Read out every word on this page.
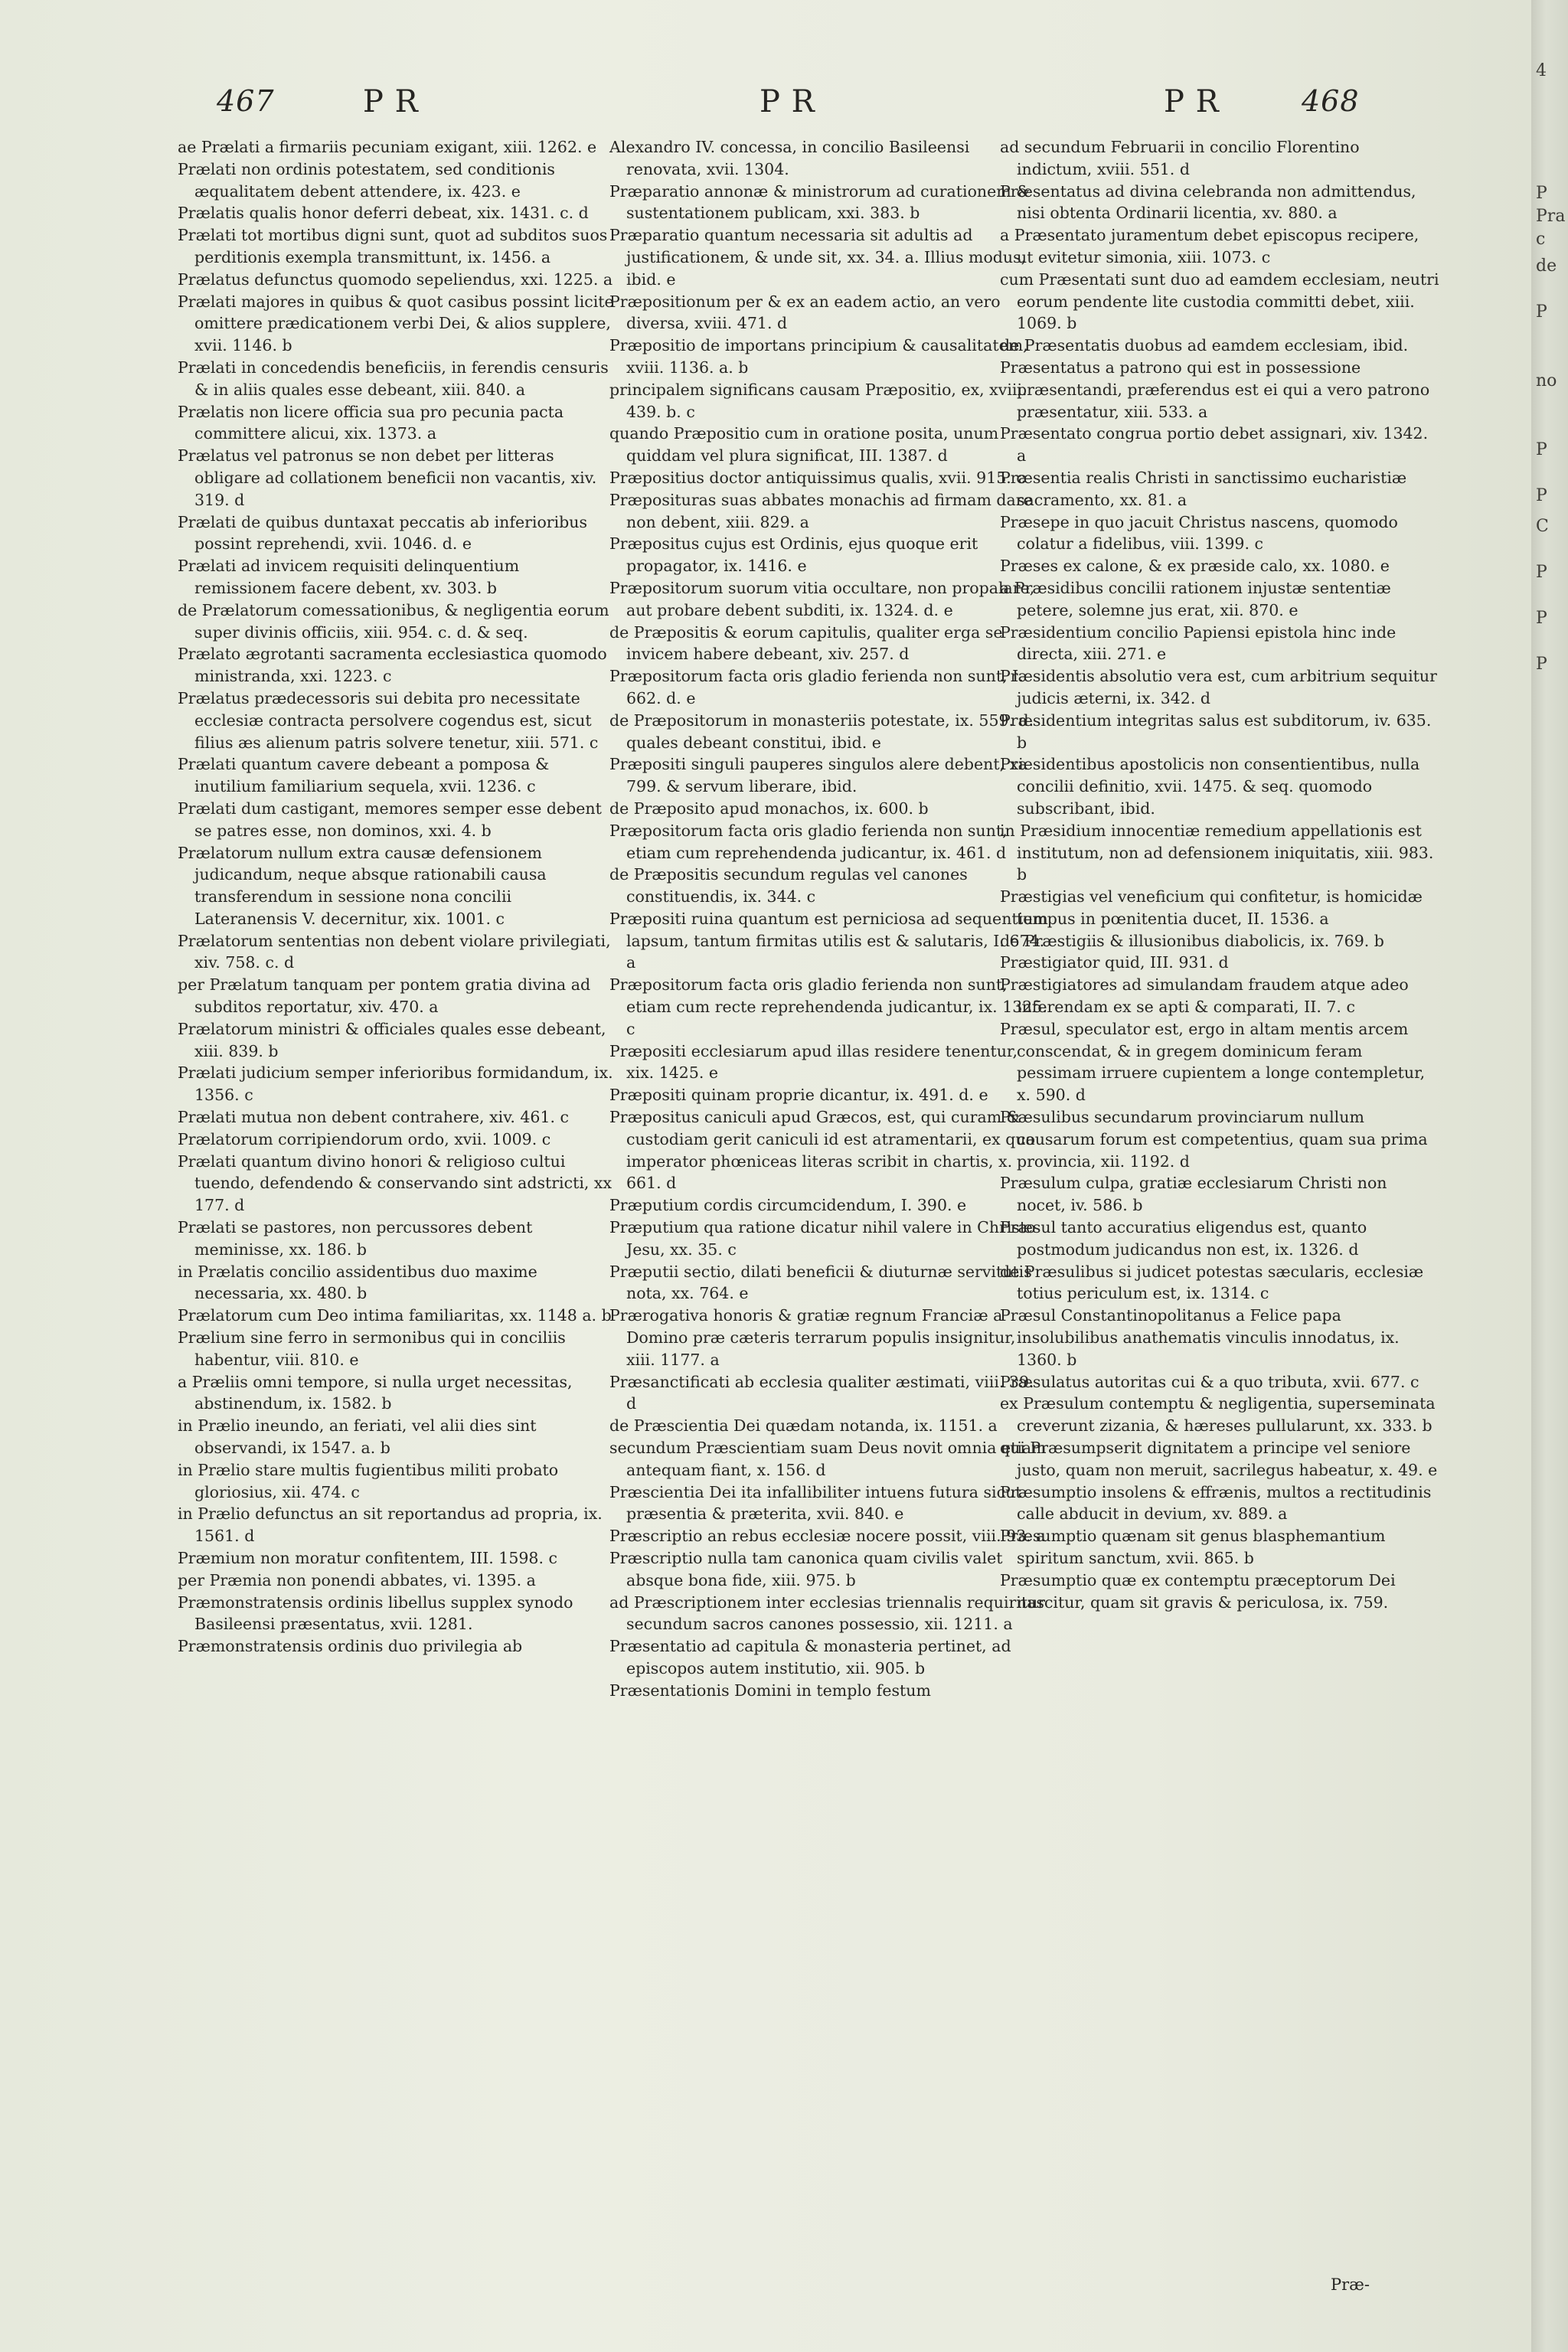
467	P R	P R	P R	468

ae Prælati a firmariis pecuniam exigant, xiii. 1262. e

Prælati non ordinis potestatem, sed conditionis æqualitatem debent attendere, ix. 423. e

Prælatis qualis honor deferri debeat, xix. 1431. c. d

Prælati tot mortibus digni sunt, quot ad subditos suos perditionis exempla transmittunt, ix. 1456. a

Prælatus defunctus quomodo sepeliendus, xxi. 1225. a

Prælati majores in quibus & quot casibus possint licite omittere prædicationem verbi Dei, & alios supplere, xvii. 1146. b

Prælati in concedendis beneficiis, in ferendis censuris & in aliis quales esse debeant, xiii. 840. a

Prælatis non licere officia sua pro pecunia pacta committere alicui, xix. 1373. a

Prælatus vel patronus se non debet per litteras obligare ad collationem beneficii non vacantis, xiv. 319. d

Prælati de quibus duntaxat peccatis ab inferioribus possint reprehendi, xvii. 1046. d. e

Prælati ad invicem requisiti delinquentium remissionem facere debent, xv. 303. b

de Prælatorum comessationibus, & negligentia eorum super divinis officiis, xiii. 954. c. d. & seq.

Prælato ægrotanti sacramenta ecclesiastica quomodo ministranda, xxi. 1223. c

Prælatus prædecessoris sui debita pro necessitate ecclesiæ contracta persolvere cogendus est, sicut filius æs alienum patris solvere tenetur, xiii. 571. c

Prælati quantum cavere debeant a pomposa & inutilium familiarium sequela, xvii. 1236. c

Prælati dum castigant, memores semper esse debent se patres esse, non dominos, xxi. 4. b

Prælatorum nullum extra causæ defensionem judicandum, neque absque rationabili causa transferendum in sessione nona concilii Lateranensis V. decernitur, xix. 1001. c

Prælatorum sententias non debent violare privilegiati, xiv. 758. c. d

per Prælatum tanquam per pontem gratia divina ad subditos reportatur, xiv. 470. a

Prælatorum ministri & officiales quales esse debeant, xiii. 839. b

Prælati judicium semper inferioribus formidandum, ix. 1356. c

Prælati mutua non debent contrahere, xiv. 461. c

Prælatorum corripiendorum ordo, xvii. 1009. c

Prælati quantum divino honori & religioso cultui tuendo, defendendo & conservando sint adstricti, xx 177. d

Prælati se pastores, non percussores debent meminisse, xx. 186. b

in Prælatis concilio assidentibus duo maxime necessaria, xx. 480. b

Prælatorum cum Deo intima familiaritas, xx. 1148 a. b

Prælium sine ferro in sermonibus qui in conciliis habentur, viii. 810. e

a Præliis omni tempore, si nulla urget necessitas, abstinendum, ix. 1582. b

in Prælio ineundo, an feriati, vel alii dies sint observandi, ix 1547. a. b

in Prælio stare multis fugientibus militi probato gloriosius, xii. 474. c

in Prælio defunctus an sit reportandus ad propria, ix. 1561. d

Præmium non moratur confitentem, III. 1598. c

per Præmia non ponendi abbates, vi. 1395. a

Præmonstratensis ordinis libellus supplex synodo Basileensi præsentatus, xvii. 1281.

Præmonstratensis ordinis duo privilegia ab

Alexandro IV. concessa, in concilio Basileensi renovata, xvii. 1304.

Præparatio annonæ & ministrorum ad curationem & sustentationem publicam, xxi. 383. b

Præparatio quantum necessaria sit adultis ad justificationem, & unde sit, xx. 34. a. Illius modus, ibid. e

Præpositionum per & ex an eadem actio, an vero diversa, xviii. 471. d

Præpositio de importans principium & causalitatem, xviii. 1136. a. b

principalem significans causam Præpositio, ex, xviii. 439. b. c

quando Præpositio cum in oratione posita, unum quiddam vel plura significat, III. 1387. d

Præpositius doctor antiquissimus qualis, xvii. 915. c

Præposituras suas abbates monachis ad firmam dare non debent, xiii. 829. a

Præpositus cujus est Ordinis, ejus quoque erit propagator, ix. 1416. e

Præpositorum suorum vitia occultare, non propalare, aut probare debent subditi, ix. 1324. d. e

de Præpositis & eorum capitulis, qualiter erga se invicem habere debeant, xiv. 257. d

Præpositorum facta oris gladio ferienda non sunt, I. 662. d. e

de Præpositorum in monasteriis potestate, ix. 559. d. quales debeant constitui, ibid. e

Præpositi singuli pauperes singulos alere debent, xi. 799. & servum liberare, ibid.

de Præposito apud monachos, ix. 600. b

Præpositorum facta oris gladio ferienda non sunt, etiam cum reprehendenda judicantur, ix. 461. d

de Præpositis secundum regulas vel canones constituendis, ix. 344. c

Præpositi ruina quantum est perniciosa ad sequentium lapsum, tantum firmitas utilis est & salutaris, I. 674. a

Præpositorum facta oris gladio ferienda non sunt, etiam cum recte reprehendenda judicantur, ix. 1325. c

Præpositi ecclesiarum apud illas residere tenentur, xix. 1425. e

Præpositi quinam proprie dicantur, ix. 491. d. e

Præpositus caniculi apud Græcos, est, qui curam & custodiam gerit caniculi id est atramentarii, ex quo imperator phœniceas literas scribit in chartis, x. 661. d

Præputium cordis circumcidendum, I. 390. e

Præputium qua ratione dicatur nihil valere in Christo Jesu, xx. 35. c

Præputii sectio, dilati beneficii & diuturnæ servitutis nota, xx. 764. e

Prærogativa honoris & gratiæ regnum Franciæ a Domino præ cæteris terrarum populis insignitur, xiii. 1177. a

Præsanctificati ab ecclesia qualiter æstimati, viii. 39. d

de Præscientia Dei quædam notanda, ix. 1151. a

secundum Præscientiam suam Deus novit omnia etiam antequam fiant, x. 156. d

Præscientia Dei ita infallibiliter intuens futura sicut præsentia & præterita, xvii. 840. e

Præscriptio an rebus ecclesiæ nocere possit, viii. 93. a

Præscriptio nulla tam canonica quam civilis valet absque bona fide, xiii. 975. b

ad Præscriptionem inter ecclesias triennalis requiritur secundum sacros canones possessio, xii. 1211. a

Præsentatio ad capitula & monasteria pertinet, ad episcopos autem institutio, xii. 905. b

Præsentationis Domini in templo festum

ad secundum Februarii in concilio Florentino indictum, xviii. 551. d

Præsentatus ad divina celebranda non admittendus, nisi obtenta Ordinarii licentia, xv. 880. a

a Præsentato juramentum debet episcopus recipere, ut evitetur simonia, xiii. 1073. c

cum Præsentati sunt duo ad eamdem ecclesiam, neutri eorum pendente lite custodia committi debet, xiii. 1069. b

de Præsentatis duobus ad eamdem ecclesiam, ibid.

Præsentatus a patrono qui est in possessione præsentandi, præferendus est ei qui a vero patrono præsentatur, xiii. 533. a

Præsentato congrua portio debet assignari, xiv. 1342. a

Præsentia realis Christi in sanctissimo eucharistiæ sacramento, xx. 81. a

Præsepe in quo jacuit Christus nascens, quomodo colatur a fidelibus, viii. 1399. c

Præses ex calone, & ex præside calo, xx. 1080. e

a Præsidibus concilii rationem injustæ sententiæ petere, solemne jus erat, xii. 870. e

Præsidentium concilio Papiensi epistola hinc inde directa, xiii. 271. e

Præsidentis absolutio vera est, cum arbitrium sequitur judicis æterni, ix. 342. d

Præsidentium integritas salus est subditorum, iv. 635. b

Præsidentibus apostolicis non consentientibus, nulla concilii definitio, xvii. 1475. & seq. quomodo subscribant, ibid.

in Præsidium innocentiæ remedium appellationis est institutum, non ad defensionem iniquitatis, xiii. 983. b

Præstigias vel veneficium qui confitetur, is homicidæ tempus in pœnitentia ducet, II. 1536. a

de Præstigiis & illusionibus diabolicis, ix. 769. b

Præstigiator quid, III. 931. d

Præstigiatores ad simulandam fraudem atque adeo inferendam ex se apti & comparati, II. 7. c

Præsul, speculator est, ergo in altam mentis arcem conscendat, & in gregem dominicum feram pessimam irruere cupientem a longe contempletur, x. 590. d

Præsulibus secundarum provinciarum nullum causarum forum est competentius, quam sua prima provincia, xii. 1192. d

Præsulum culpa, gratiæ ecclesiarum Christi non nocet, iv. 586. b

Præsul tanto accuratius eligendus est, quanto postmodum judicandus non est, ix. 1326. d

de Præsulibus si judicet potestas sæcularis, ecclesiæ totius periculum est, ix. 1314. c

Præsul Constantinopolitanus a Felice papa insolubilibus anathematis vinculis innodatus, ix. 1360. b

Præsulatus autoritas cui & a quo tributa, xvii. 677. c

ex Præsulum contemptu & negligentia, superseminata creverunt zizania, & hæreses pullularunt, xx. 333. b

qui Præsumpserit dignitatem a principe vel seniore justo, quam non meruit, sacrilegus habeatur, x. 49. e

Præsumptio insolens & effrænis, multos a rectitudinis calle abducit in devium, xv. 889. a

Præsumptio quænam sit genus blasphemantium spiritum sanctum, xvii. 865. b

Præsumptio quæ ex contemptu præceptorum Dei nascitur, quam sit gravis & periculosa, ix. 759.

Præ-
4
P
Pra
c
de
P
no
P
P
C
P
P
P
